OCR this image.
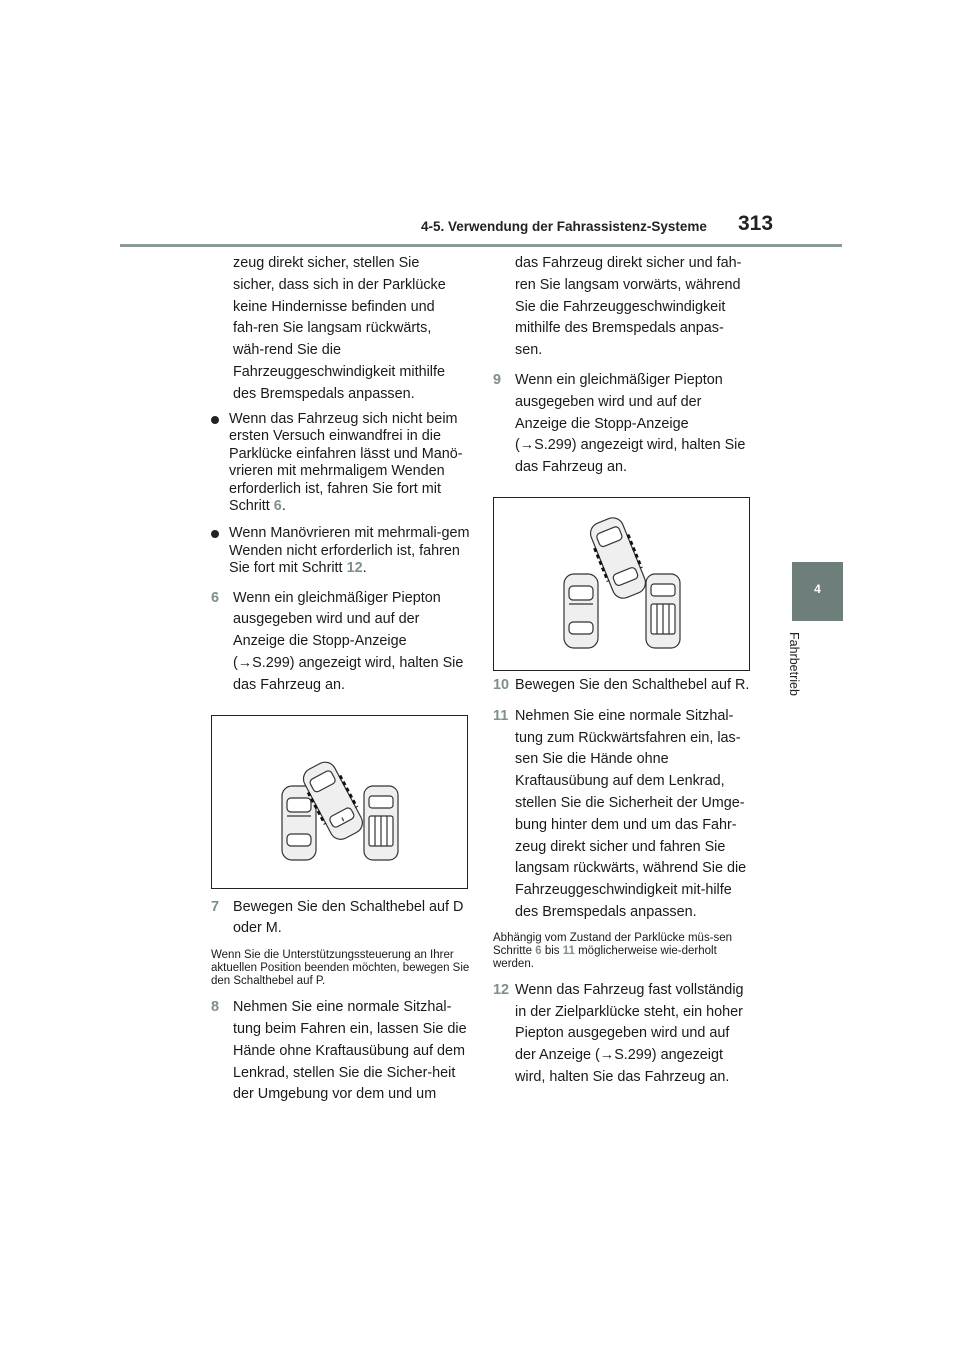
4-5. Verwendung der Fahrassistenz-Systeme 313
4
Fahrbetrieb

zeug direkt sicher, stellen Sie sicher, dass sich in der Parklücke keine Hindernisse befinden und fah-ren Sie langsam rückwärts, wäh-rend Sie die Fahrzeuggeschwindigkeit mithilfe des Bremspedals anpassen.

Wenn das Fahrzeug sich nicht beim ersten Versuch einwandfrei in die Parklücke einfahren lässt und Manö-vrieren mit mehrmaligem Wenden erforderlich ist, fahren Sie fort mit Schritt 6.

Wenn Manövrieren mit mehrmali-gem Wenden nicht erforderlich ist, fahren Sie fort mit Schritt 12.

6 Wenn ein gleichmäßiger Piepton ausgegeben wird und auf der Anzeige die Stopp-Anzeige (→S.299) angezeigt wird, halten Sie das Fahrzeug an.

7 Bewegen Sie den Schalthebel auf D oder M.

Wenn Sie die Unterstützungssteuerung an Ihrer aktuellen Position beenden möchten, bewegen Sie den Schalthebel auf P.

8 Nehmen Sie eine normale Sitzhal-tung beim Fahren ein, lassen Sie die Hände ohne Kraftausübung auf dem Lenkrad, stellen Sie die Sicher-heit der Umgebung vor dem und um

das Fahrzeug direkt sicher und fah-ren Sie langsam vorwärts, während Sie die Fahrzeuggeschwindigkeit mithilfe des Bremspedals anpas-sen.

9 Wenn ein gleichmäßiger Piepton ausgegeben wird und auf der Anzeige die Stopp-Anzeige (→S.299) angezeigt wird, halten Sie das Fahrzeug an.

10 Bewegen Sie den Schalthebel auf R.

11 Nehmen Sie eine normale Sitzhal-tung zum Rückwärtsfahren ein, las-sen Sie die Hände ohne Kraftausübung auf dem Lenkrad, stellen Sie die Sicherheit der Umge-bung hinter dem und um das Fahr-zeug direkt sicher und fahren Sie langsam rückwärts, während Sie die Fahrzeuggeschwindigkeit mit-hilfe des Bremspedals anpassen.

Abhängig vom Zustand der Parklücke müs-sen Schritte 6 bis 11 möglicherweise wie-derholt werden.

12 Wenn das Fahrzeug fast vollständig in der Zielparklücke steht, ein hoher Piepton ausgegeben wird und auf der Anzeige (→S.299) angezeigt wird, halten Sie das Fahrzeug an.
